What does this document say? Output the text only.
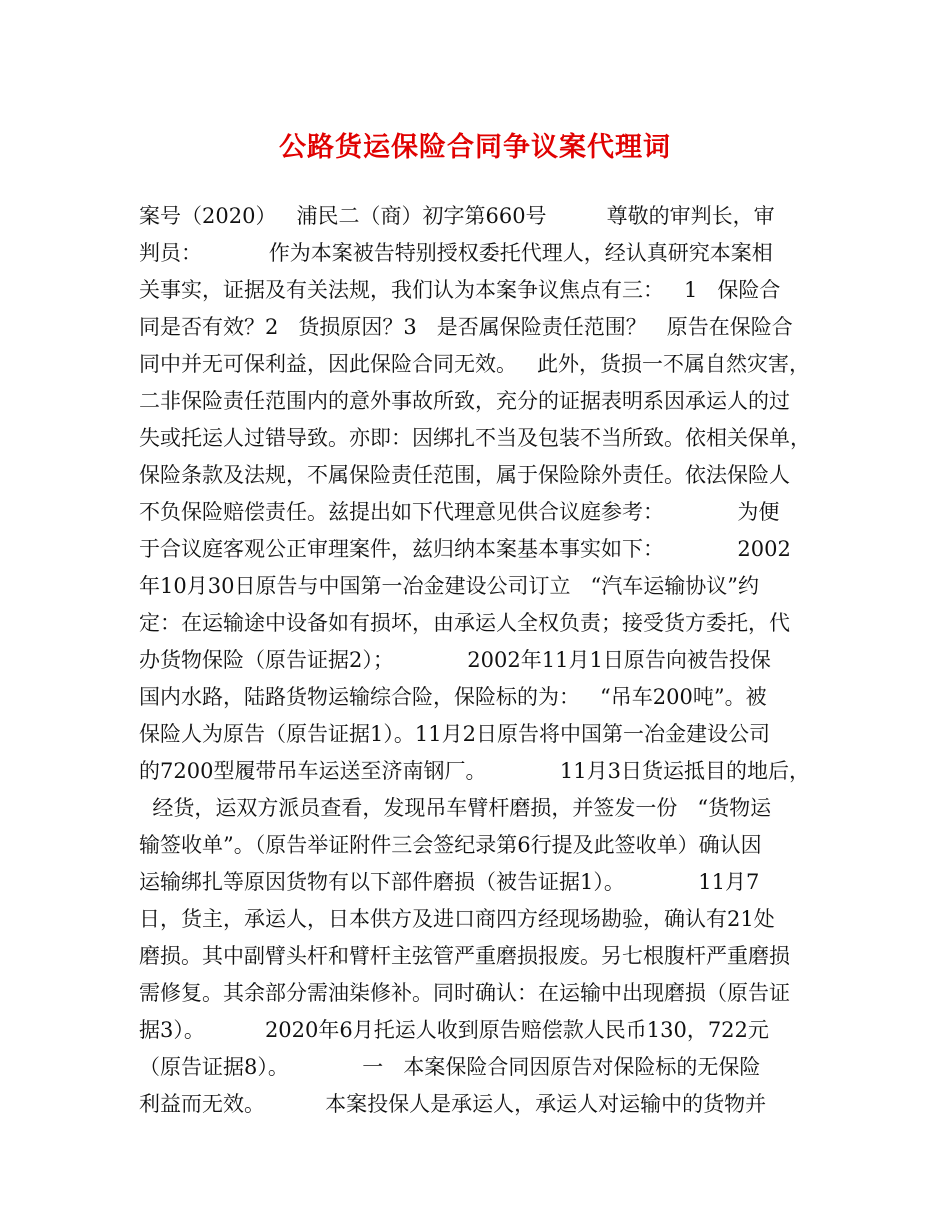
公路货运保险合同争议案代理词
案号（2020）   浦民二（商）初字第660号         尊敬的审判长，审
判员：          作为本案被告特别授权委托代理人，经认真研究本案相
关事实，证据及有关法规，我们认为本案争议焦点有三：   1   保险合
同是否有效？2   货损原因？3   是否属保险责任范围？   原告在保险合
同中并无可保利益，因此保险合同无效。   此外，货损一不属自然灾害，
二非保险责任范围内的意外事故所致，充分的证据表明系因承运人的过
失或托运人过错导致。亦即：因绑扎不当及包装不当所致。依相关保单，
保险条款及法规，不属保险责任范围，属于保险除外责任。依法保险人
不负保险赔偿责任。兹提出如下代理意见供合议庭参考：           为便
于合议庭客观公正审理案件，兹归纳本案基本事实如下：           2002
年10月30日原告与中国第一冶金建设公司订立   “汽车运输协议”约
定：在运输途中设备如有损坏，由承运人全权负责；接受货方委托，代
办货物保险（原告证据2）；           2002年11月1日原告向被告投保
国内水路，陆路货物运输综合险，保险标的为：   “吊车200吨”。被
保险人为原告（原告证据1）。11月2日原告将中国第一冶金建设公司
的7200型履带吊车运送至济南钢厂。           11月3日货运抵目的地后，
经货，运双方派员查看，发现吊车臂杆磨损，并签发一份   “货物运
输签收单”。（原告举证附件三会签纪录第6行提及此签收单）确认因
运输绑扎等原因货物有以下部件磨损（被告证据1）。           11月7
日，货主，承运人，日本供方及进口商四方经现场勘验，确认有21处
磨损。其中副臂头杆和臂杆主弦管严重磨损报废。另七根腹杆严重磨损
需修复。其余部分需油柒修补。同时确认：在运输中出现磨损（原告证
据3）。         2020年6月托运人收到原告赔偿款人民币130，722元
（原告证据8）。           一   本案保险合同因原告对保险标的无保险
利益而无效。         本案投保人是承运人，承运人对运输中的货物并
